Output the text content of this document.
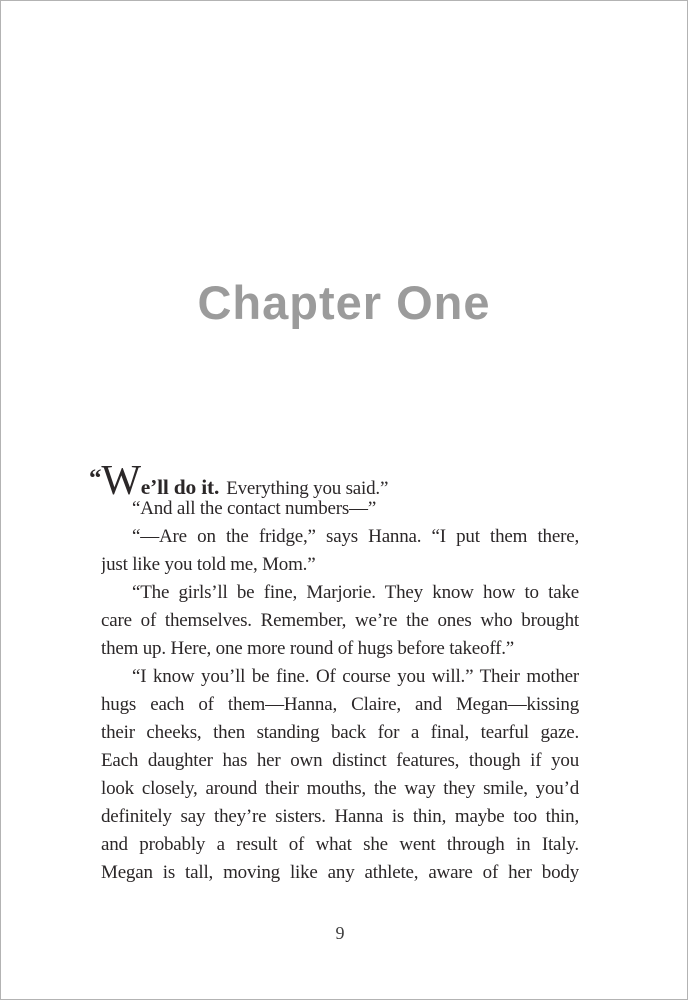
Chapter One
“We’ll do it. Everything you said.”
“And all the contact numbers—”
“—Are on the fridge,” says Hanna. “I put them there,
just like you told me, Mom.”
“The girls’ll be fine, Marjorie. They know how to take
care of themselves. Remember, we’re the ones who brought
them up. Here, one more round of hugs before takeoff.”
“I know you’ll be fine. Of course you will.” Their mother
hugs each of them—Hanna, Claire, and Megan—kissing
their cheeks, then standing back for a final, tearful gaze.
Each daughter has her own distinct features, though if you
look closely, around their mouths, the way they smile, you’d
definitely say they’re sisters. Hanna is thin, maybe too thin,
and probably a result of what she went through in Italy.
Megan is tall, moving like any athlete, aware of her body
9
